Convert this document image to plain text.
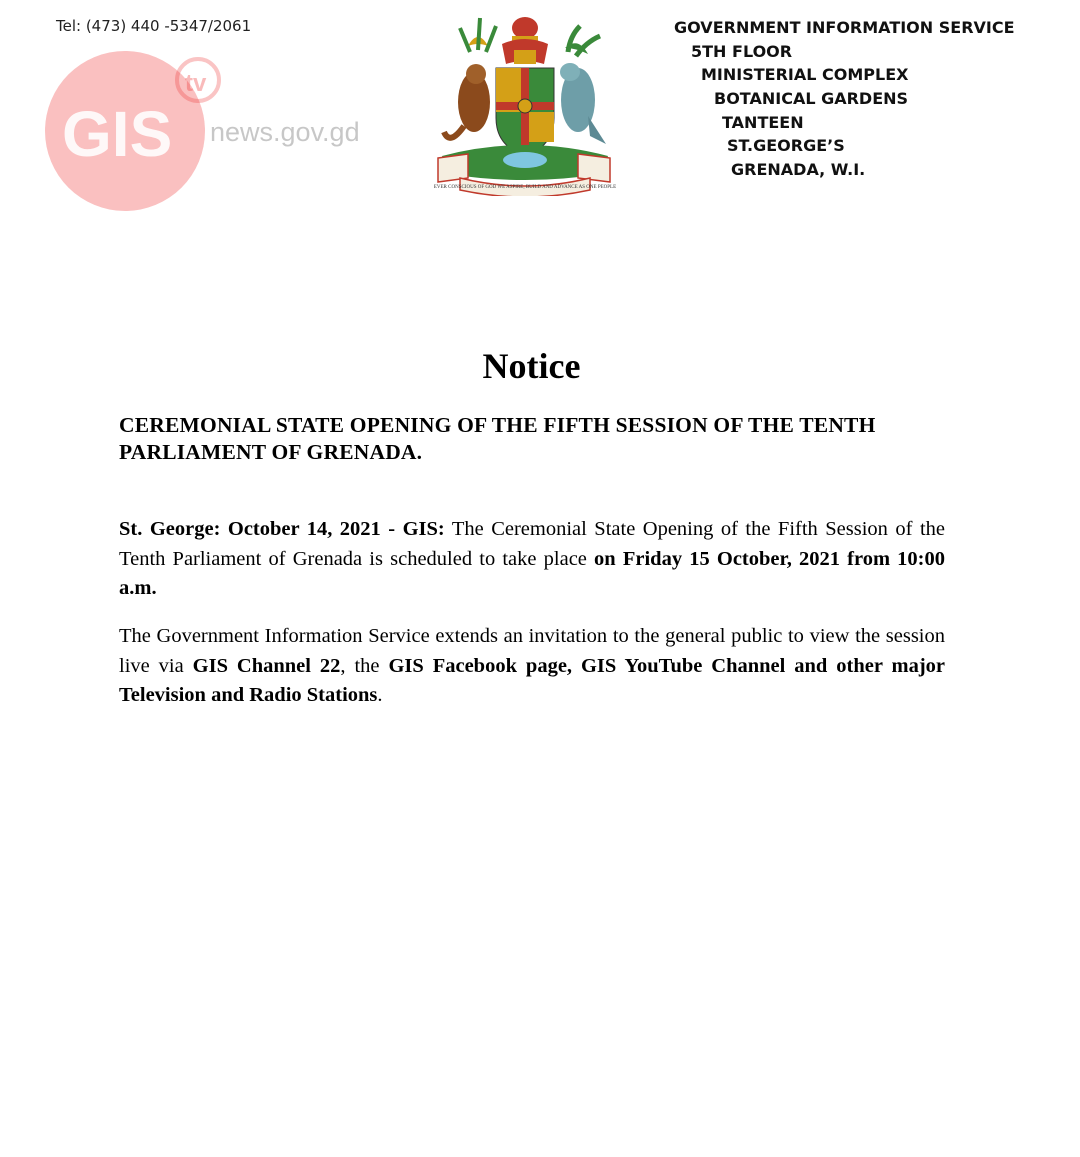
Tel: (473) 440 -5347/2061
GIS
tv
news.gov.gd
EVER CONSCIOUS OF GOD WE ASPIRE, BUILD AND ADVANCE AS ONE PEOPLE
GOVERNMENT INFORMATION SERVICE
5TH FLOOR
MINISTERIAL COMPLEX
BOTANICAL GARDENS
TANTEEN
ST.GEORGE’S
GRENADA, W.I.
Notice
CEREMONIAL STATE OPENING OF THE FIFTH SESSION OF THE TENTH PARLIAMENT OF GRENADA.
St. George: October 14, 2021 - GIS: The Ceremonial State Opening of the Fifth Session of the Tenth Parliament of Grenada is scheduled to take place on Friday 15 October, 2021 from 10:00 a.m.
The Government Information Service extends an invitation to the general public to view the session live via GIS Channel 22, the GIS Facebook page, GIS YouTube Channel and other major Television and Radio Stations.
